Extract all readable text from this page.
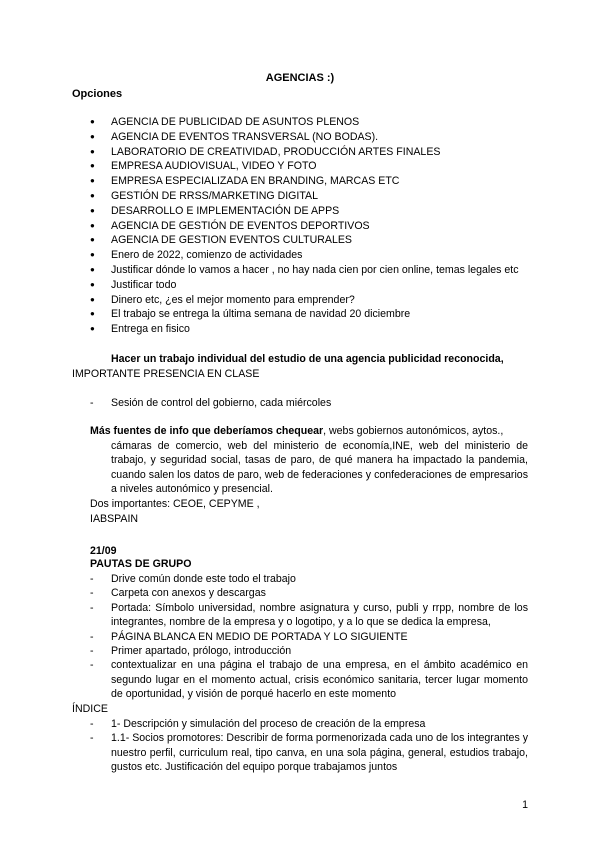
AGENCIAS :)
Opciones
● AGENCIA DE PUBLICIDAD DE ASUNTOS PLENOS
● AGENCIA DE EVENTOS TRANSVERSAL (NO BODAS).
● LABORATORIO DE CREATIVIDAD, PRODUCCIÓN ARTES FINALES
● EMPRESA AUDIOVISUAL, VIDEO Y FOTO
● EMPRESA ESPECIALIZADA EN BRANDING, MARCAS ETC
● GESTIÓN DE RRSS/MARKETING DIGITAL
● DESARROLLO E IMPLEMENTACIÓN DE APPS
● AGENCIA DE GESTIÓN DE EVENTOS DEPORTIVOS
● AGENCIA DE GESTION EVENTOS CULTURALES
● Enero de 2022, comienzo de actividades
● Justificar dónde lo vamos a hacer , no hay nada cien por cien online, temas legales etc
● Justificar todo
● Dinero etc, ¿es el mejor momento para emprender?
● El trabajo se entrega la última semana de navidad 20 diciembre
● Entrega en fisico
Hacer un trabajo individual del estudio de una agencia publicidad reconocida,
IMPORTANTE PRESENCIA EN CLASE
- Sesión de control del gobierno, cada miércoles
Más fuentes de info que deberíamos chequear, webs gobiernos autonómicos, aytos.,
cámaras de comercio, web del ministerio de economía,INE, web del ministerio de trabajo, y seguridad social, tasas de paro, de qué manera ha impactado la pandemia, cuando salen los datos de paro, web de federaciones y confederaciones de empresarios a niveles autonómico y presencial.
Dos importantes: CEOE, CEPYME ,
IABSPAIN
21/09
PAUTAS DE GRUPO
- Drive común donde este todo el trabajo
- Carpeta con anexos y descargas
- Portada: Símbolo universidad, nombre asignatura y curso, publi y rrpp, nombre de los integrantes, nombre de la empresa y o logotipo, y a lo que se dedica la empresa,
- PÁGINA BLANCA EN MEDIO DE PORTADA Y LO SIGUIENTE
- Primer apartado, prólogo, introducción
- contextualizar en una página el trabajo de una empresa, en el ámbito académico en segundo lugar en el momento actual, crisis económico sanitaria, tercer lugar momento de oportunidad, y visión de porqué hacerlo en este momento
ÍNDICE
- 1- Descripción y simulación del proceso de creación de la empresa
- 1.1- Socios promotores: Describir de forma pormenorizada cada uno de los integrantes y nuestro perfil, curriculum real, tipo canva, en una sola página, general, estudios trabajo, gustos etc. Justificación del equipo porque trabajamos juntos
1
